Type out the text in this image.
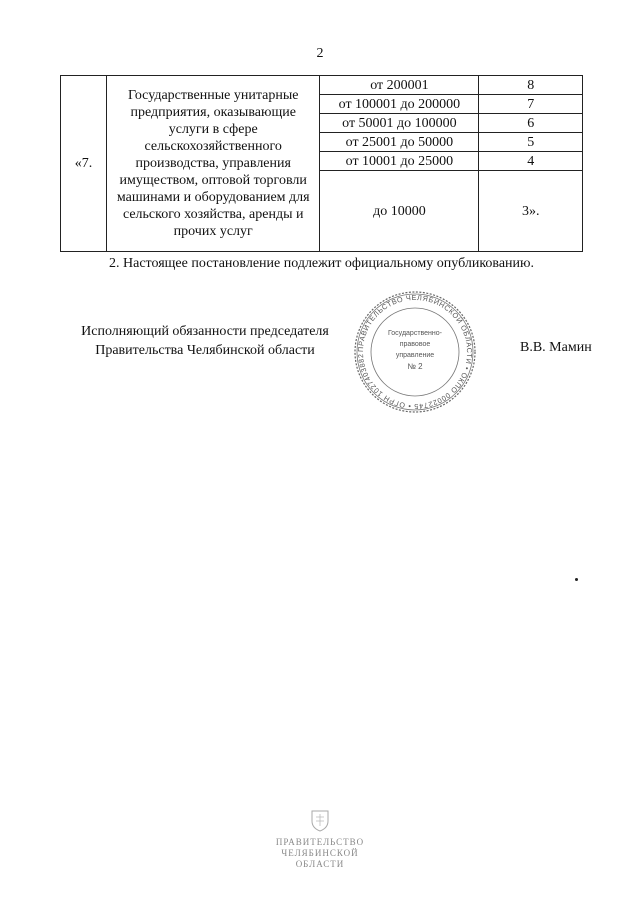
2
«7.	Государственные унитарные предприятия, оказывающие услуги в сфере сельскохозяйственного производства, управления имуществом, оптовой торговли машинами и оборудованием для сельского хозяйства, аренды и прочих услуг	от 200001	8
		от 100001 до 200000	7
		от 50001 до 100000	6
		от 25001 до 50000	5
		от 10001 до 25000	4
		до 10000	3».
2. Настоящее постановление подлежит официальному опубликованию.
Исполняющий обязанности председателя
Правительства Челябинской области	ПРАВИТЕЛЬСТВО ЧЕЛЯБИНСКОЙ ОБЛАСТИ • ОКПО 00022745 • ОГРН 1027403882
Государственно-
правовое
управление
№ 2
В.В. Мамин
ПРАВИТЕЛЬСТВО
ЧЕЛЯБИНСКОЙ ОБЛАСТИ
